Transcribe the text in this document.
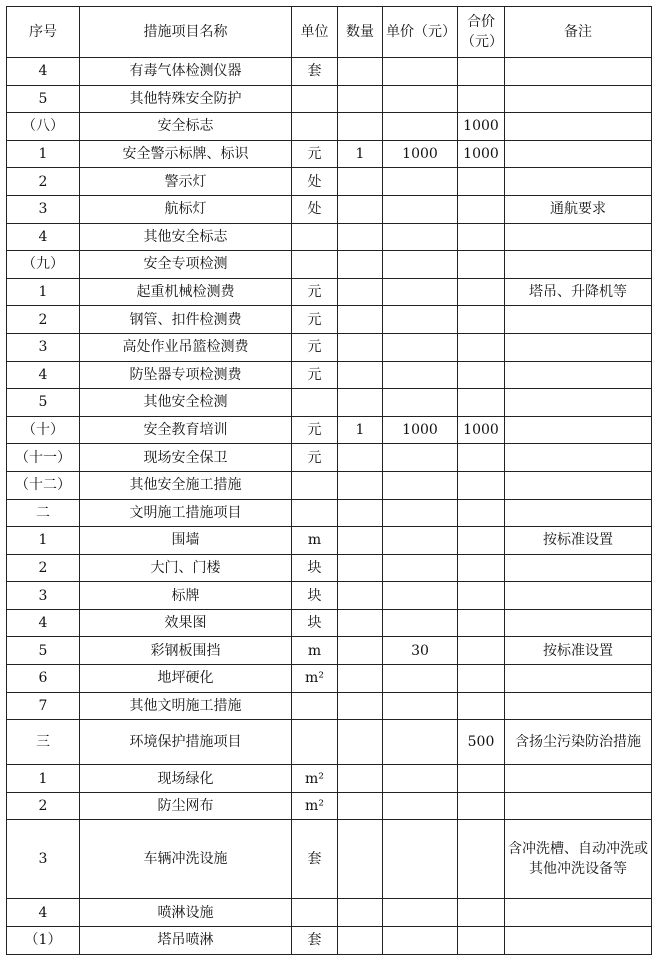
序号	措施项目名称	单位	数量	单价（元）	合价（元）	备注
4	有毒气体检测仪器	套				
5	其他特殊安全防护					
（八）	安全标志				1000	
1	安全警示标牌、标识	元	1	1000	1000	
2	警示灯	处				
3	航标灯	处				通航要求
4	其他安全标志					
（九）	安全专项检测					
1	起重机械检测费	元				塔吊、升降机等
2	钢管、扣件检测费	元				
3	高处作业吊篮检测费	元				
4	防坠器专项检测费	元				
5	其他安全检测					
（十）	安全教育培训	元	1	1000	1000	
（十一）	现场安全保卫	元				
（十二）	其他安全施工措施					
二	文明施工措施项目					
1	围墙	m				按标准设置
2	大门、门楼	块				
3	标牌	块				
4	效果图	块				
5	彩钢板围挡	m		30		按标准设置
6	地坪硬化	m²				
7	其他文明施工措施					
三	环境保护措施项目				500	含扬尘污染防治措施
1	现场绿化	m²				
2	防尘网布	m²				
3	车辆冲洗设施	套				含冲洗槽、自动冲洗或其他冲洗设备等
4	喷淋设施					
（1）	塔吊喷淋	套				
